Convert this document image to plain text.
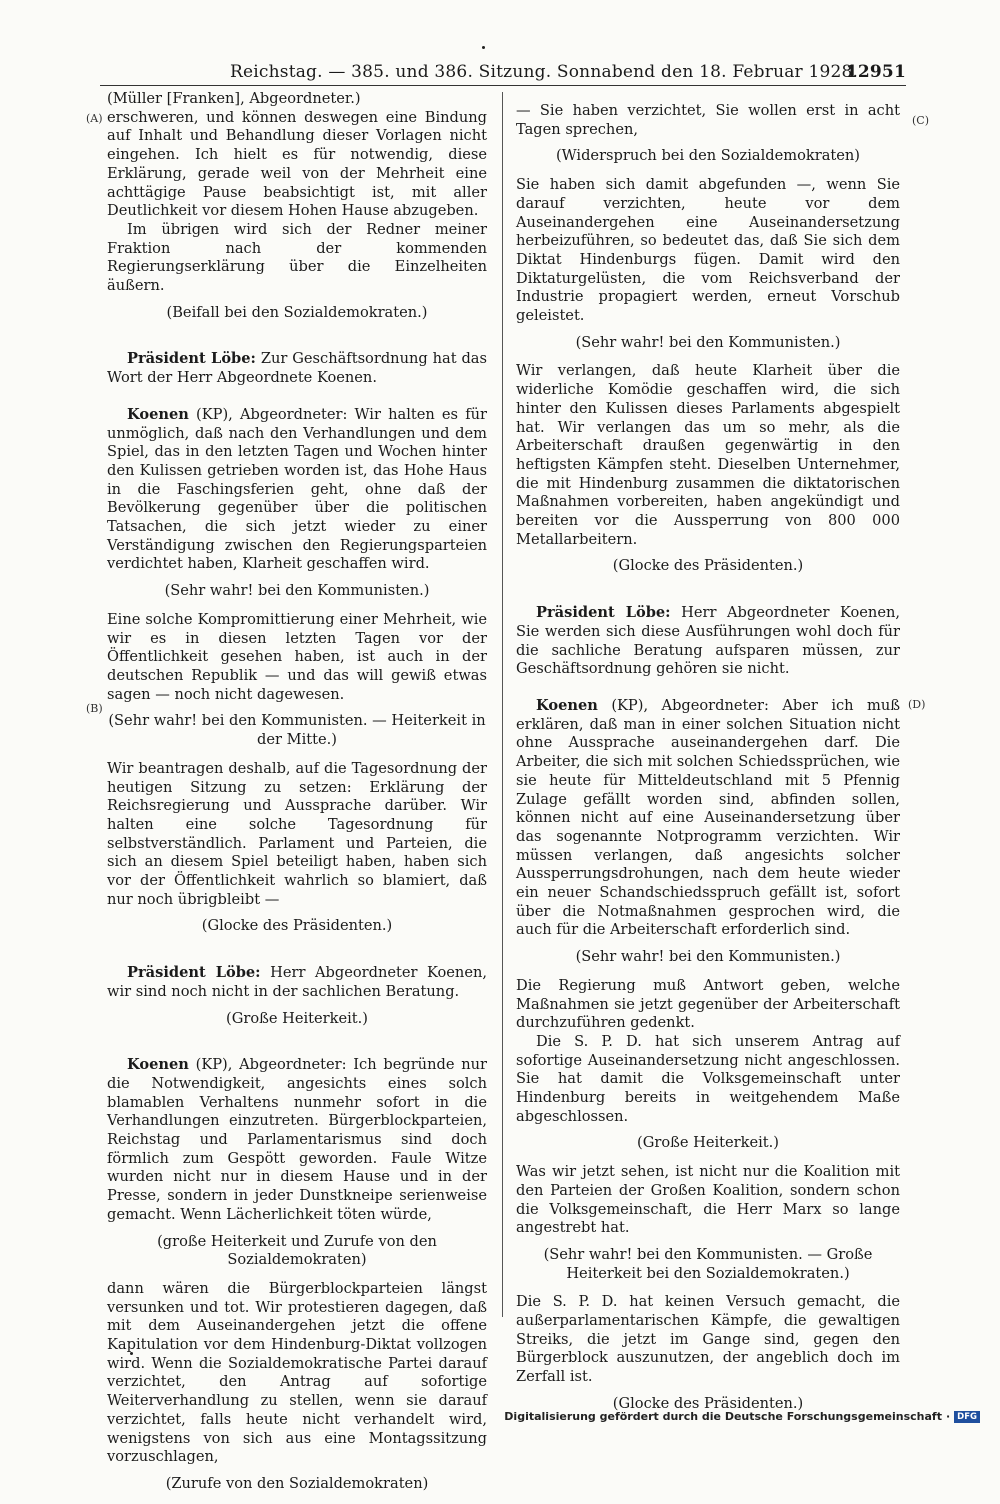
Reichstag. — 385. und 386. Sitzung. Sonnabend den 18. Februar 1928.
12951
(A)
(B)
(C)
(D)

(Müller [Franken], Abgeordneter.)

erschweren, und können deswegen eine Bindung auf Inhalt und Behandlung dieser Vorlagen nicht eingehen. Ich hielt es für notwendig, diese Erklärung, gerade weil von der Mehrheit eine achttägige Pause beabsichtigt ist, mit aller Deutlichkeit vor diesem Hohen Hause abzugeben.

Im übrigen wird sich der Redner meiner Fraktion nach der kommenden Regierungserklärung über die Einzelheiten äußern.

(Beifall bei den Sozialdemokraten.)

Präsident Löbe: Zur Geschäftsordnung hat das Wort der Herr Abgeordnete Koenen.

Koenen (KP), Abgeordneter: Wir halten es für unmöglich, daß nach den Verhandlungen und dem Spiel, das in den letzten Tagen und Wochen hinter den Kulissen getrieben worden ist, das Hohe Haus in die Faschingsferien geht, ohne daß der Bevölkerung gegenüber über die politischen Tatsachen, die sich jetzt wieder zu einer Verständigung zwischen den Regierungsparteien verdichtet haben, Klarheit geschaffen wird.

(Sehr wahr! bei den Kommunisten.)

Eine solche Kompromittierung einer Mehrheit, wie wir es in diesen letzten Tagen vor der Öffentlichkeit gesehen haben, ist auch in der deutschen Republik — und das will gewiß etwas sagen — noch nicht dagewesen.

(Sehr wahr! bei den Kommunisten. — Heiterkeit in der Mitte.)

Wir beantragen deshalb, auf die Tagesordnung der heutigen Sitzung zu setzen: Erklärung der Reichsregierung und Aussprache darüber. Wir halten eine solche Tagesordnung für selbstverständlich. Parlament und Parteien, die sich an diesem Spiel beteiligt haben, haben sich vor der Öffentlichkeit wahrlich so blamiert, daß nur noch übrigbleibt —

(Glocke des Präsidenten.)

Präsident Löbe: Herr Abgeordneter Koenen, wir sind noch nicht in der sachlichen Beratung.

(Große Heiterkeit.)

Koenen (KP), Abgeordneter: Ich begründe nur die Notwendigkeit, angesichts eines solch blamablen Verhaltens nunmehr sofort in die Verhandlungen einzutreten. Bürgerblockparteien, Reichstag und Parlamentarismus sind doch förmlich zum Gespött geworden. Faule Witze wurden nicht nur in diesem Hause und in der Presse, sondern in jeder Dunstkneipe serienweise gemacht. Wenn Lächerlichkeit töten würde,

(große Heiterkeit und Zurufe von den Sozialdemokraten)

dann wären die Bürgerblockparteien längst versunken und tot. Wir protestieren dagegen, daß mit dem Auseinandergehen jetzt die offene Kapitulation vor dem Hindenburg-Diktat vollzogen wird. Wenn die Sozialdemokratische Partei darauf verzichtet, den Antrag auf sofortige Weiterverhandlung zu stellen, wenn sie darauf verzichtet, falls heute nicht verhandelt wird, wenigstens von sich aus eine Montagssitzung vorzuschlagen,

(Zurufe von den Sozialdemokraten)

— Sie haben verzichtet, Sie wollen erst in acht Tagen sprechen,

(Widerspruch bei den Sozialdemokraten)

Sie haben sich damit abgefunden —, wenn Sie darauf verzichten, heute vor dem Auseinandergehen eine Auseinandersetzung herbeizuführen, so bedeutet das, daß Sie sich dem Diktat Hindenburgs fügen. Damit wird den Diktaturgelüsten, die vom Reichsverband der Industrie propagiert werden, erneut Vorschub geleistet.

(Sehr wahr! bei den Kommunisten.)

Wir verlangen, daß heute Klarheit über die widerliche Komödie geschaffen wird, die sich hinter den Kulissen dieses Parlaments abgespielt hat. Wir verlangen das um so mehr, als die Arbeiterschaft draußen gegenwärtig in den heftigsten Kämpfen steht. Dieselben Unternehmer, die mit Hindenburg zusammen die diktatorischen Maßnahmen vorbereiten, haben angekündigt und bereiten vor die Aussperrung von 800 000 Metallarbeitern.

(Glocke des Präsidenten.)

Präsident Löbe: Herr Abgeordneter Koenen, Sie werden sich diese Ausführungen wohl doch für die sachliche Beratung aufsparen müssen, zur Geschäftsordnung gehören sie nicht.

Koenen (KP), Abgeordneter: Aber ich muß erklären, daß man in einer solchen Situation nicht ohne Aussprache auseinandergehen darf. Die Arbeiter, die sich mit solchen Schiedssprüchen, wie sie heute für Mitteldeutschland mit 5 Pfennig Zulage gefällt worden sind, abfinden sollen, können nicht auf eine Auseinandersetzung über das sogenannte Notprogramm verzichten. Wir müssen verlangen, daß angesichts solcher Aussperrungsdrohungen, nach dem heute wieder ein neuer Schandschiedsspruch gefällt ist, sofort über die Notmaßnahmen gesprochen wird, die auch für die Arbeiterschaft erforderlich sind.

(Sehr wahr! bei den Kommunisten.)

Die Regierung muß Antwort geben, welche Maßnahmen sie jetzt gegenüber der Arbeiterschaft durchzuführen gedenkt.

Die S. P. D. hat sich unserem Antrag auf sofortige Auseinandersetzung nicht angeschlossen. Sie hat damit die Volksgemeinschaft unter Hindenburg bereits in weitgehendem Maße abgeschlossen.

(Große Heiterkeit.)

Was wir jetzt sehen, ist nicht nur die Koalition mit den Parteien der Großen Koalition, sondern schon die Volksgemeinschaft, die Herr Marx so lange angestrebt hat.

(Sehr wahr! bei den Kommunisten. — Große Heiterkeit bei den Sozialdemokraten.)

Die S. P. D. hat keinen Versuch gemacht, die außerparlamentarischen Kämpfe, die gewaltigen Streiks, die jetzt im Gange sind, gegen den Bürgerblock auszunutzen, der angeblich doch im Zerfall ist.

(Glocke des Präsidenten.)

Digitalisierung gefördert durch die Deutsche Forschungsgemeinschaft · DFG
